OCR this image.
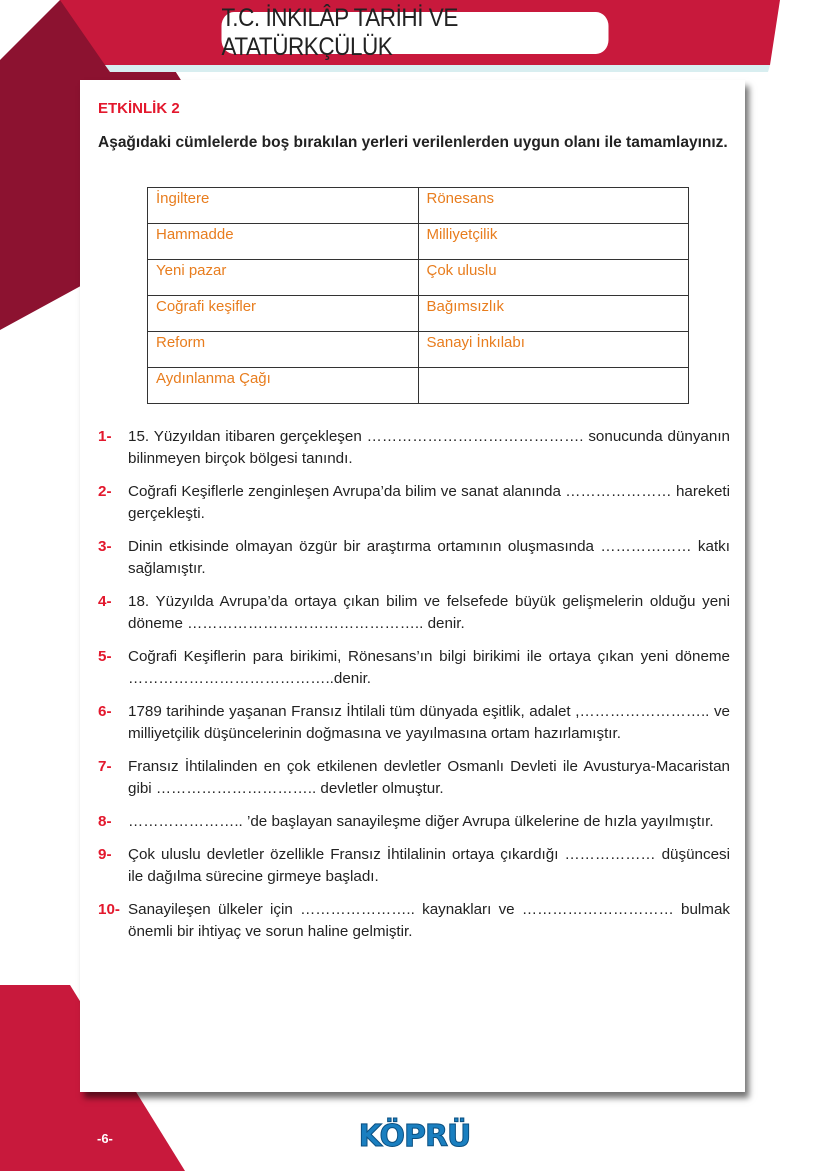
T.C. İNKILÂP TARİHİ VE ATATÜRKÇÜLÜK
ETKİNLİK 2
Aşağıdaki cümlelerde boş bırakılan yerleri verilenlerden uygun olanı ile tamamlayınız.
İngiltere	Rönesans
Hammadde	Milliyetçilik
Yeni pazar	Çok uluslu
Coğrafi keşifler	Bağımsızlık
Reform	Sanayi İnkılabı
Aydınlanma Çağı	
1- 15. Yüzyıldan itibaren gerçekleşen ……………………………………. sonucunda dünyanın bilinmeyen birçok bölgesi tanındı.
2- Coğrafi Keşiflerle zenginleşen Avrupa’da bilim ve sanat alanında ………………… hareketi gerçekleşti.
3- Dinin etkisinde olmayan özgür bir araştırma ortamının oluşmasında ……………… katkı sağlamıştır.
4- 18. Yüzyılda Avrupa’da ortaya çıkan bilim ve felsefede büyük gelişmelerin olduğu yeni döneme ……………………………………….. denir.
5- Coğrafi Keşiflerin para birikimi, Rönesans’ın bilgi birikimi ile ortaya çıkan yeni döneme …………………………………..denir.
6- 1789 tarihinde yaşanan Fransız İhtilali tüm dünyada eşitlik, adalet ,…………………….. ve milliyetçilik düşüncelerinin doğmasına ve yayılmasına ortam hazırlamıştır.
7- Fransız İhtilalinden en çok etkilenen devletler Osmanlı Devleti ile Avusturya-Macaristan gibi ………………………….. devletler olmuştur.
8- ………………….. ’de başlayan sanayileşme diğer Avrupa ülkelerine de hızla yayılmıştır.
9- Çok uluslu devletler özellikle Fransız İhtilalinin ortaya çıkardığı ……………… düşüncesi ile dağılma sürecine girmeye başladı.
10- Sanayileşen ülkeler için ………………….. kaynakları ve ………………………… bulmak önemli bir ihtiyaç ve sorun haline gelmiştir.
-6-	KÖPRÜ
